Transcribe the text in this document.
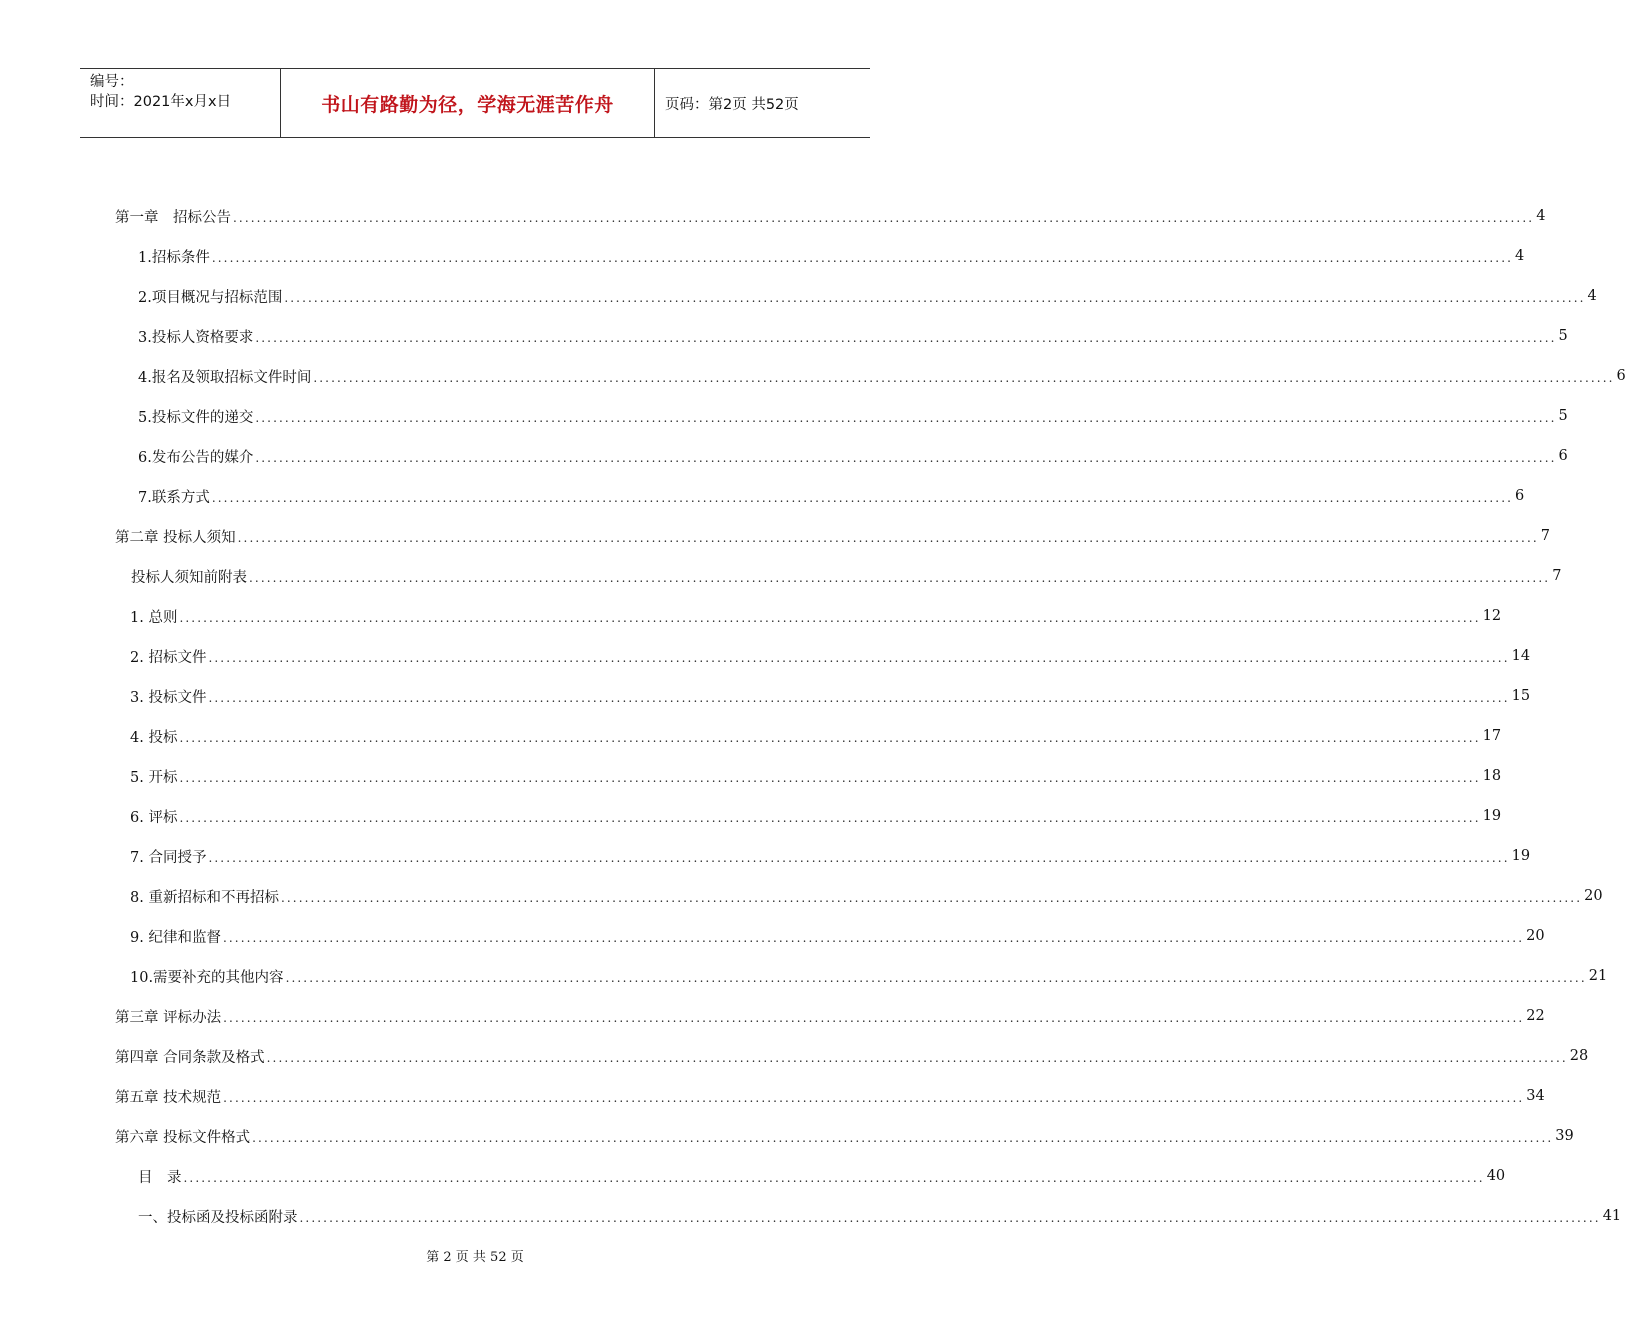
编号：
时间：2021年x月x日	书山有路勤为径，学海无涯苦作舟	页码：第2页 共52页
第一章　招标公告 ............................................................................................................................................................................................................................ 4
1.招标条件 ............................................................................................................................................................................................................................ 4
2.项目概况与招标范围 ............................................................................................................................................................................................................................ 4
3.投标人资格要求 ............................................................................................................................................................................................................................ 5
4.报名及领取招标文件时间 ............................................................................................................................................................................................................................ 6
5.投标文件的递交 ............................................................................................................................................................................................................................ 5
6.发布公告的媒介 ............................................................................................................................................................................................................................ 6
7.联系方式 ............................................................................................................................................................................................................................ 6
第二章 投标人须知 ............................................................................................................................................................................................................................ 7
投标人须知前附表 ............................................................................................................................................................................................................................ 7
1. 总则 ............................................................................................................................................................................................................................ 12
2. 招标文件 ............................................................................................................................................................................................................................ 14
3. 投标文件 ............................................................................................................................................................................................................................ 15
4. 投标 ............................................................................................................................................................................................................................ 17
5. 开标 ............................................................................................................................................................................................................................ 18
6. 评标 ............................................................................................................................................................................................................................ 19
7. 合同授予 ............................................................................................................................................................................................................................ 19
8. 重新招标和不再招标 ............................................................................................................................................................................................................................ 20
9. 纪律和监督 ............................................................................................................................................................................................................................ 20
10.需要补充的其他内容 ............................................................................................................................................................................................................................ 21
第三章 评标办法 ............................................................................................................................................................................................................................ 22
第四章 合同条款及格式 ............................................................................................................................................................................................................................ 28
第五章 技术规范 ............................................................................................................................................................................................................................ 34
第六章 投标文件格式 ............................................................................................................................................................................................................................ 39
目　录 ............................................................................................................................................................................................................................ 40
一、投标函及投标函附录 ............................................................................................................................................................................................................................ 41
第 2 页 共 52 页
